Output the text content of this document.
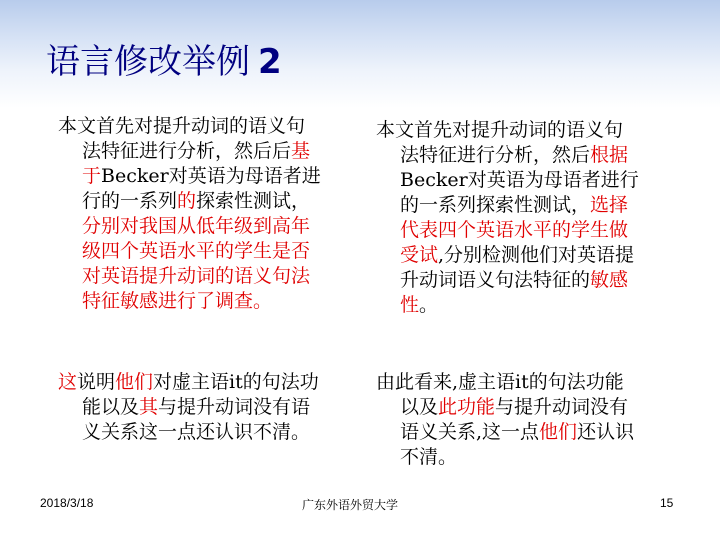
语言修改举例 2
本文首先对提升动词的语义句
法特征进行分析，然后后基
于Becker对英语为母语者进
行的一系列的探索性测试，
分别对我国从低年级到高年
级四个英语水平的学生是否
对英语提升动词的语义句法
特征敏感进行了调查。
本文首先对提升动词的语义句
法特征进行分析，然后根据
Becker对英语为母语者进行
的一系列探索性测试，选择
代表四个英语水平的学生做
受试,分别检测他们对英语提
升动词语义句法特征的敏感
性。
这说明他们对虚主语it的句法功
能以及其与提升动词没有语
义关系这一点还认识不清。
由此看来,虚主语it的句法功能
以及此功能与提升动词没有
语义关系,这一点他们还认识
不清。
2018/3/18	广东外语外贸大学	15
